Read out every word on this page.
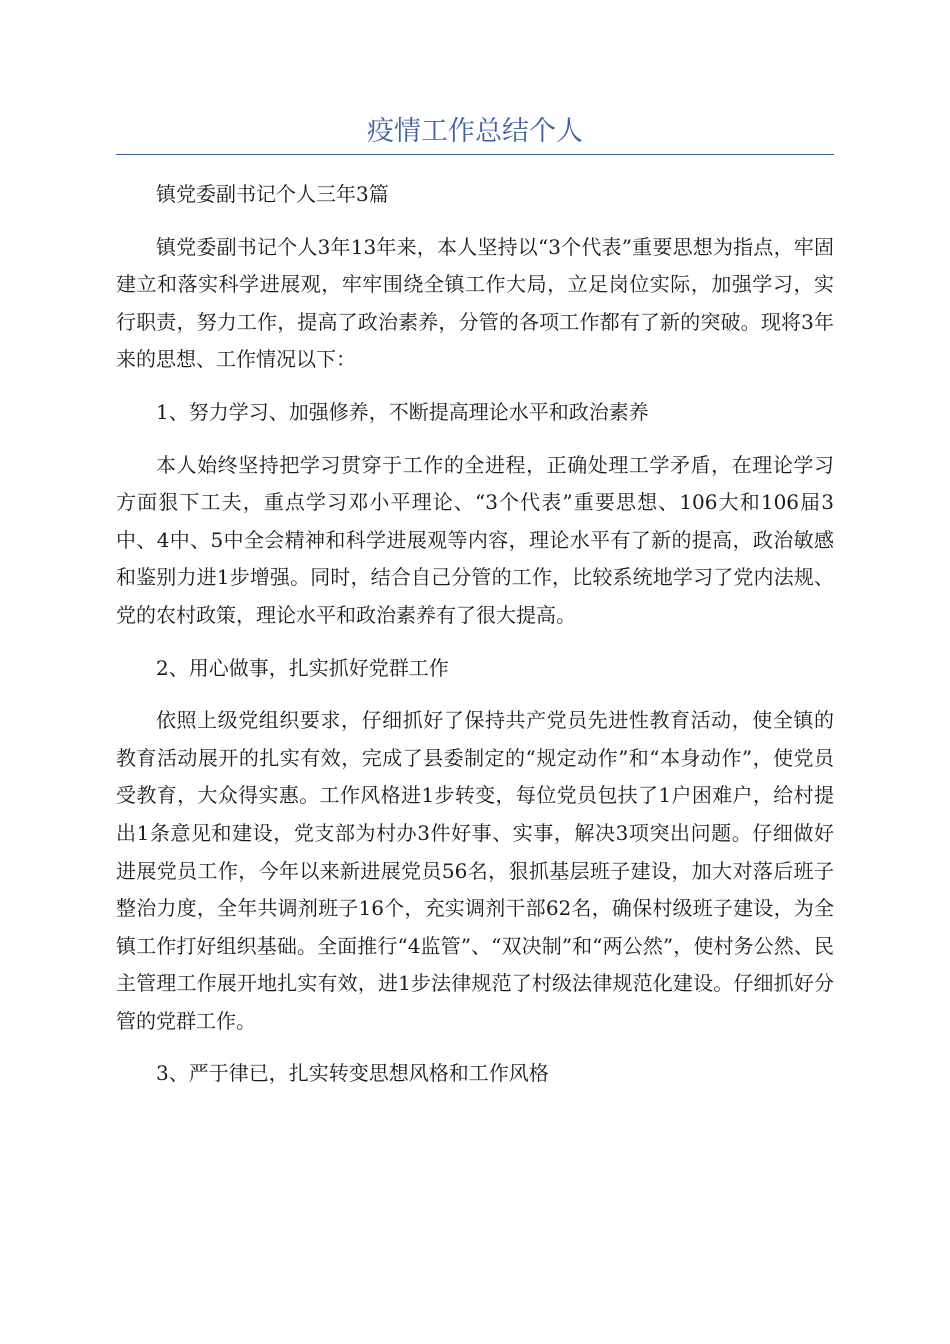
疫情工作总结个人

镇党委副书记个人三年3篇

镇党委副书记个人3年13年来，本人坚持以“3个代表”重要思想为指点，牢固建立和落实科学进展观，牢牢围绕全镇工作大局，立足岗位实际，加强学习，实行职责，努力工作，提高了政治素养，分管的各项工作都有了新的突破。现将3年来的思想、工作情况以下：

1、努力学习、加强修养，不断提高理论水平和政治素养

本人始终坚持把学习贯穿于工作的全进程，正确处理工学矛盾，在理论学习方面狠下工夫，重点学习邓小平理论、“3个代表”重要思想、106大和106届3中、4中、5中全会精神和科学进展观等内容，理论水平有了新的提高，政治敏感和鉴别力进1步增强。同时，结合自己分管的工作，比较系统地学习了党内法规、党的农村政策，理论水平和政治素养有了很大提高。

2、用心做事，扎实抓好党群工作

依照上级党组织要求，仔细抓好了保持共产党员先进性教育活动，使全镇的教育活动展开的扎实有效，完成了县委制定的“规定动作”和“本身动作”，使党员受教育，大众得实惠。工作风格进1步转变，每位党员包扶了1户困难户，给村提出1条意见和建设，党支部为村办3件好事、实事，解决3项突出问题。仔细做好进展党员工作，今年以来新进展党员56名，狠抓基层班子建设，加大对落后班子整治力度，全年共调剂班子16个，充实调剂干部62名，确保村级班子建设，为全镇工作打好组织基础。全面推行“4监管”、“双决制”和“两公然”，使村务公然、民主管理工作展开地扎实有效，进1步法律规范了村级法律规范化建设。仔细抓好分管的党群工作。

3、严于律已，扎实转变思想风格和工作风格
